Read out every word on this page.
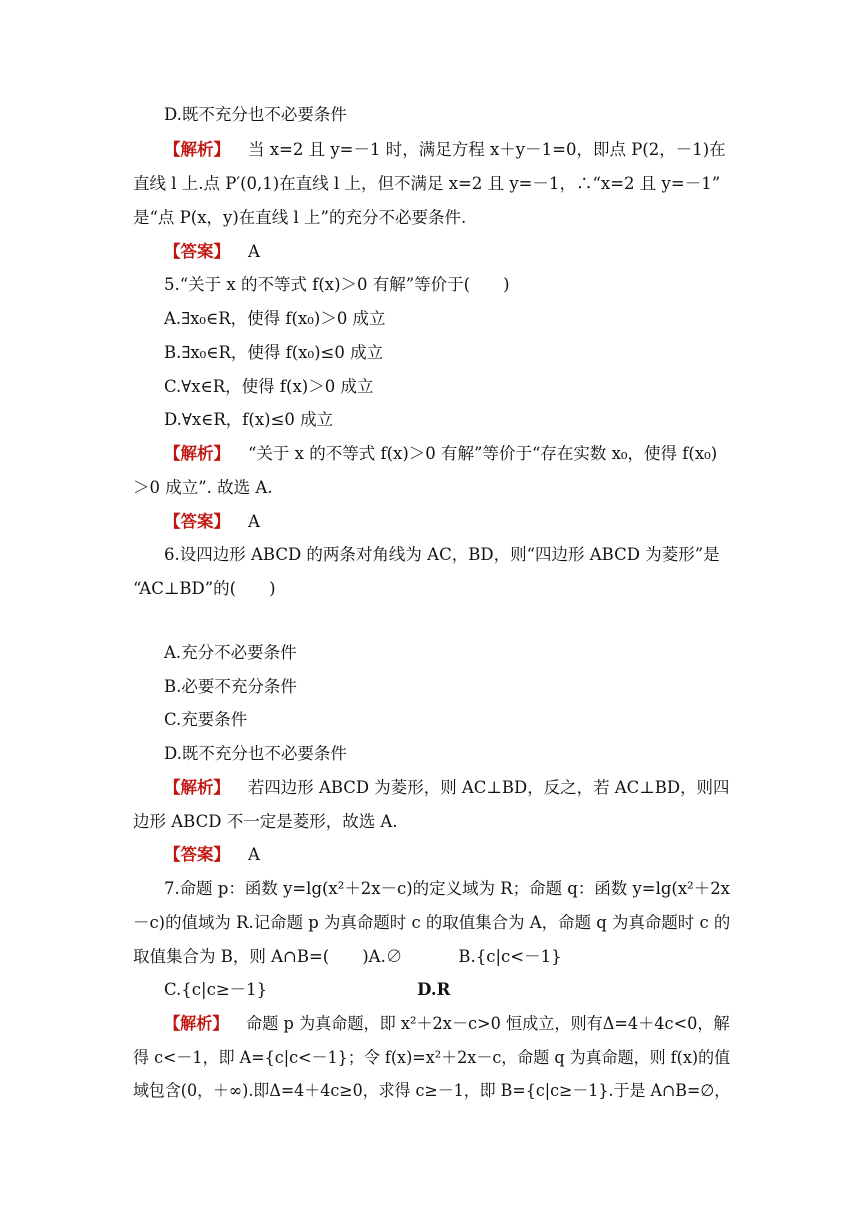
D.既不充分也不必要条件
【解析】 当 x=2 且 y=－1 时，满足方程 x＋y－1=0，即点 P(2，－1)在
直线 l 上.点 P′(0,1)在直线 l 上，但不满足 x=2 且 y=－1，∴“x=2 且 y=－1”
是“点 P(x，y)在直线 l 上”的充分不必要条件.
【答案】 A
5.“关于 x 的不等式 f(x)＞0 有解”等价于(　　)
A.∃x₀∈R，使得 f(x₀)＞0 成立
B.∃x₀∈R，使得 f(x₀)≤0 成立
C.∀x∈R，使得 f(x)＞0 成立
D.∀x∈R，f(x)≤0 成立
【解析】 “关于 x 的不等式 f(x)＞0 有解”等价于“存在实数 x₀，使得 f(x₀)
＞0 成立”. 故选 A.
【答案】 A
6.设四边形 ABCD 的两条对角线为 AC，BD，则“四边形 ABCD 为菱形”是
“AC⊥BD”的(　　)
A.充分不必要条件
B.必要不充分条件
C.充要条件
D.既不充分也不必要条件
【解析】 若四边形 ABCD 为菱形，则 AC⊥BD，反之，若 AC⊥BD，则四
边形 ABCD 不一定是菱形，故选 A.
【答案】 A
7.命题 p：函数 y=lg(x²＋2x－c)的定义域为 R；命题 q：函数 y=lg(x²＋2x
－c)的值域为 R.记命题 p 为真命题时 c 的取值集合为 A，命题 q 为真命题时 c 的
取值集合为 B，则 A∩B=(　　)A.∅	B.{c|c<－1}
C.{c|c≥－1}	D.R
【解析】 命题 p 为真命题，即 x²＋2x－c>0 恒成立，则有Δ=4＋4c<0，解
得 c<－1，即 A={c|c<－1}；令 f(x)=x²＋2x－c，命题 q 为真命题，则 f(x)的值
域包含(0，＋∞).即Δ=4＋4c≥0，求得 c≥－1，即 B={c|c≥－1}.于是 A∩B=∅，
